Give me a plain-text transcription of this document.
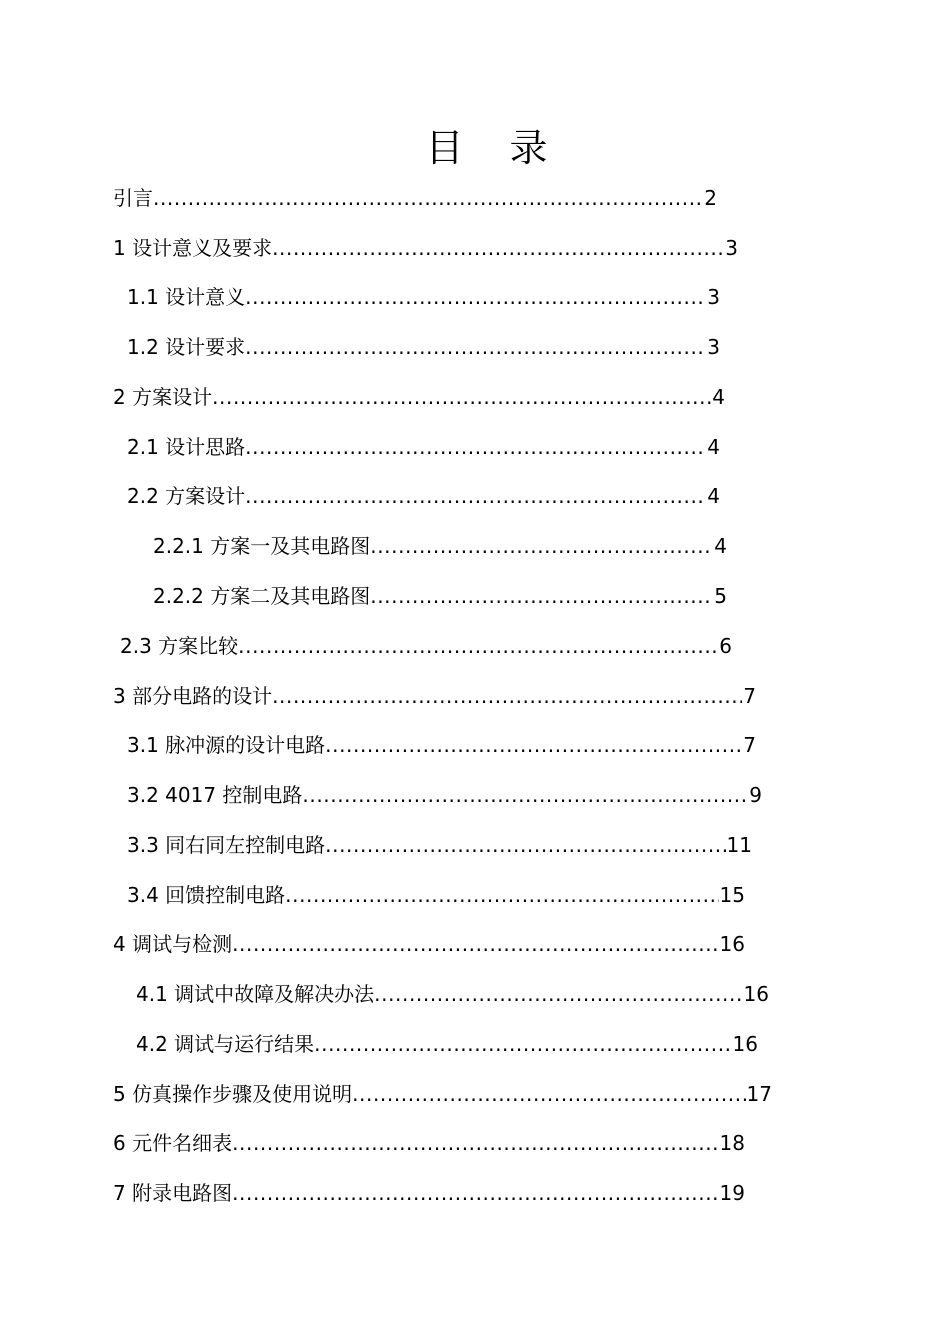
目 录
引言 .....	2
1 设计意义及要求 .....	3
1.1 设计意义 .....	3
1.2 设计要求 .....	3
2 方案设计 .....	4
2.1 设计思路 .....	4
2.2 方案设计 .....	4
2.2.1 方案一及其电路图 .....	4
2.2.2 方案二及其电路图 .....	5
2.3 方案比较 .....	6
3 部分电路的设计 .....	7
3.1 脉冲源的设计电路 .....	7
3.2 4017 控制电路 .....	9
3.3 同右同左控制电路 .....	11
3.4 回馈控制电路 .....	15
4 调试与检测 .....	16
4.1 调试中故障及解决办法 .....	16
4.2 调试与运行结果 .....	16
5 仿真操作步骤及使用说明 .....	17
6 元件名细表 .....	18
7 附录电路图 .....	19
